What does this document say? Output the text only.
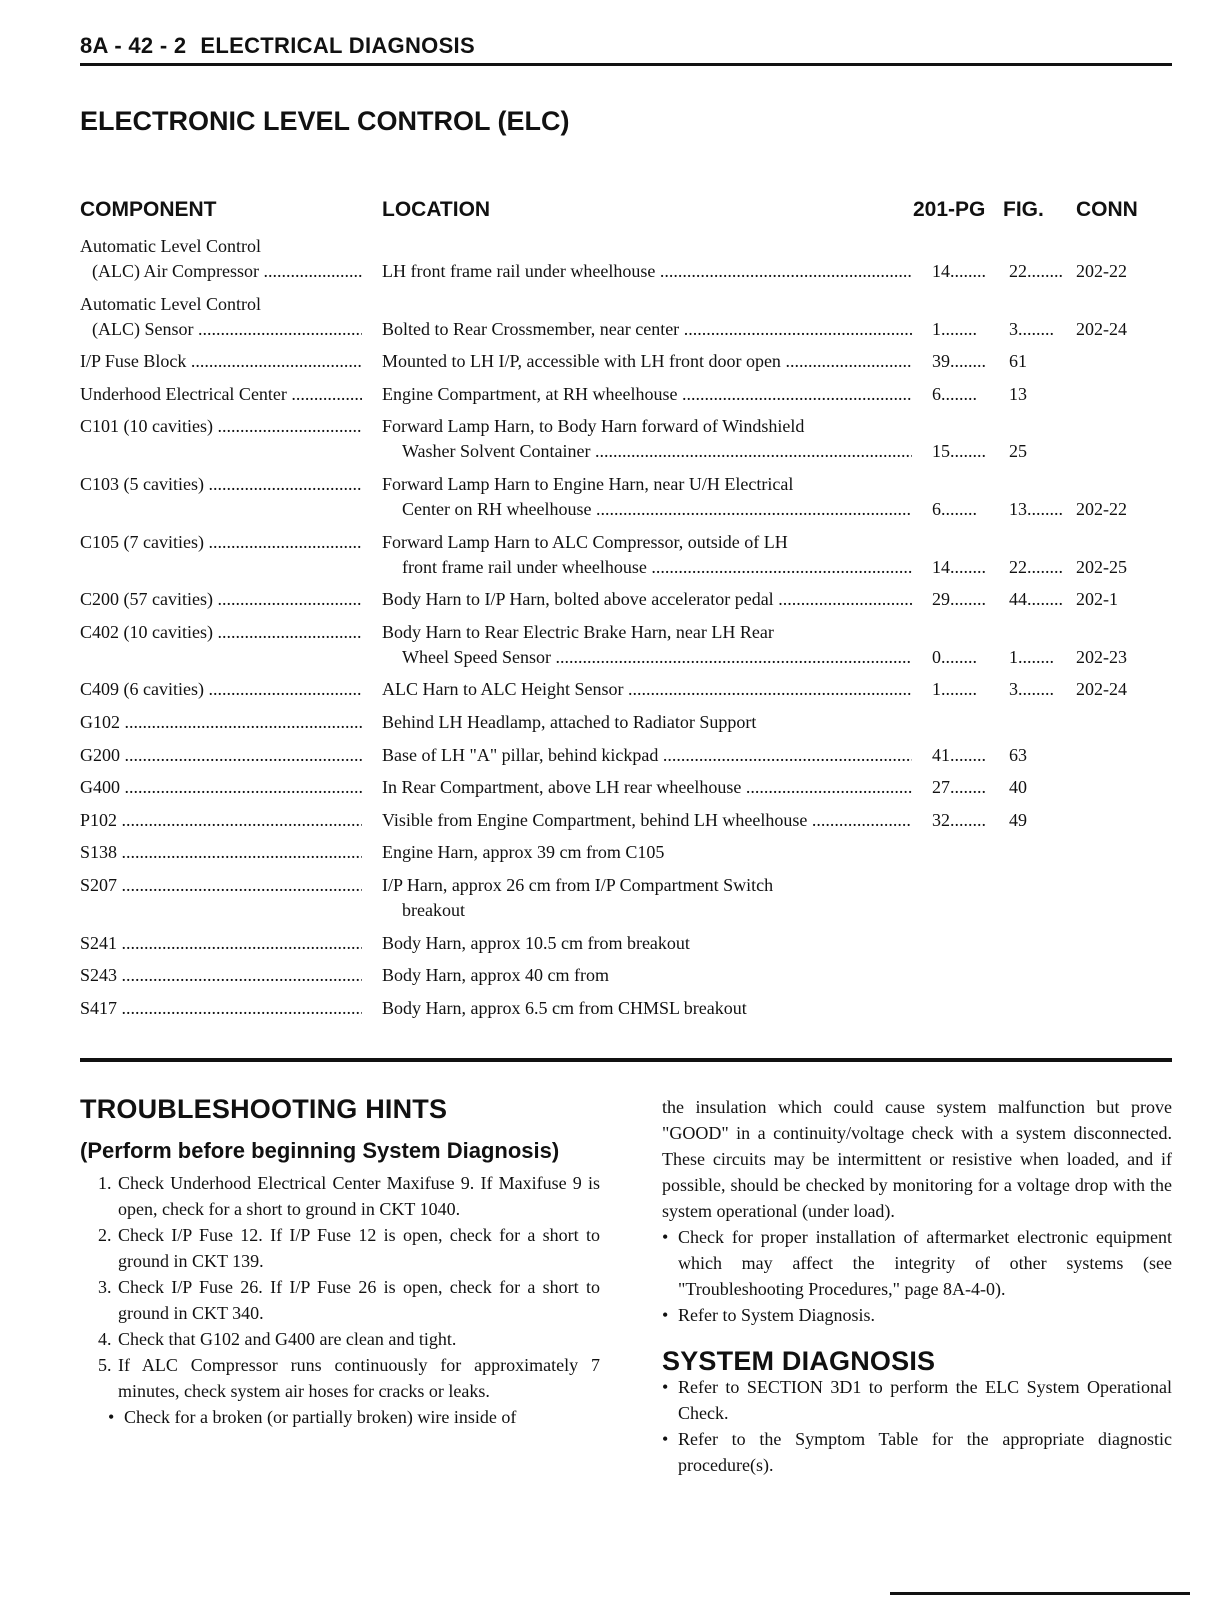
8A - 42 - 2 ELECTRICAL DIAGNOSIS
ELECTRONIC LEVEL CONTROL (ELC)
COMPONENT	LOCATION	201-PG FIG. CONN
Automatic Level Control
(ALC) Air Compressor .....	LH front frame rail under wheelhouse .....	14 ........	22 ........	202-22
Automatic Level Control
(ALC) Sensor .....	Bolted to Rear Crossmember, near center .....	1 ........	3 ........	202-24
I/P Fuse Block .....	Mounted to LH I/P, accessible with LH front door open .....	39 ........	61
Underhood Electrical Center .....	Engine Compartment, at RH wheelhouse .....	6 ........	13
C101 (10 cavities) .....	Forward Lamp Harn, to Body Harn forward of Windshield
Washer Solvent Container .....	15 ........	25
C103 (5 cavities) .....	Forward Lamp Harn to Engine Harn, near U/H Electrical
Center on RH wheelhouse .....	6 ........	13 ........	202-22
C105 (7 cavities) .....	Forward Lamp Harn to ALC Compressor, outside of LH
front frame rail under wheelhouse .....	14 ........	22 ........	202-25
C200 (57 cavities) .....	Body Harn to I/P Harn, bolted above accelerator pedal .....	29 ........	44 ........	202-1
C402 (10 cavities) .....	Body Harn to Rear Electric Brake Harn, near LH Rear
Wheel Speed Sensor .....	0 ........	1 ........	202-23
C409 (6 cavities) .....	ALC Harn to ALC Height Sensor .....	1 ........	3 ........	202-24
G102 .....	Behind LH Headlamp, attached to Radiator Support
G200 .....	Base of LH "A" pillar, behind kickpad .....	41 ........	63
G400 .....	In Rear Compartment, above LH rear wheelhouse .....	27 ........	40
P102 .....	Visible from Engine Compartment, behind LH wheelhouse .....	32 ........	49
S138 .....	Engine Harn, approx 39 cm from C105
S207 .....	I/P Harn, approx 26 cm from I/P Compartment Switch
breakout
S241 .....	Body Harn, approx 10.5 cm from breakout
S243 .....	Body Harn, approx 40 cm from
S417 .....	Body Harn, approx 6.5 cm from CHMSL breakout
TROUBLESHOOTING HINTS
(Perform before beginning System Diagnosis)
1. Check Underhood Electrical Center Maxifuse 9. If Maxifuse 9 is open, check for a short to ground in CKT 1040.
2. Check I/P Fuse 12. If I/P Fuse 12 is open, check for a short to ground in CKT 139.
3. Check I/P Fuse 26. If I/P Fuse 26 is open, check for a short to ground in CKT 340.
4. Check that G102 and G400 are clean and tight.
5. If ALC Compressor runs continuously for approximately 7 minutes, check system air hoses for cracks or leaks.
• Check for a broken (or partially broken) wire inside of

the insulation which could cause system malfunction but prove "GOOD" in a continuity/voltage check with a system disconnected. These circuits may be intermittent or resistive when loaded, and if possible, should be checked by monitoring for a voltage drop with the system operational (under load).

• Check for proper installation of aftermarket electronic equipment which may affect the integrity of other systems (see "Troubleshooting Procedures," page 8A-4-0).
• Refer to System Diagnosis.
SYSTEM DIAGNOSIS
• Refer to SECTION 3D1 to perform the ELC System Operational Check.
• Refer to the Symptom Table for the appropriate diagnostic procedure(s).
